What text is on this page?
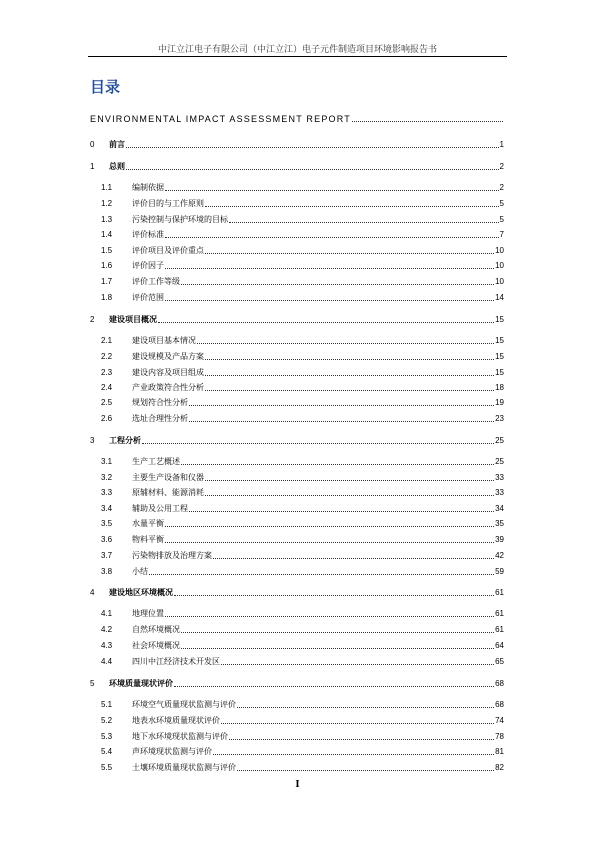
中江立江电子有限公司（中江立江）电子元件制造项目环境影响报告书
目录
ENVIRONMENTAL IMPACT ASSESSMENT REPORT
0	前言	1
1	总则	2
1.1	编制依据	2
1.2	评价目的与工作原则	5
1.3	污染控制与保护环境的目标	5
1.4	评价标准	7
1.5	评价项目及评价重点	10
1.6	评价因子	10
1.7	评价工作等级	10
1.8	评价范围	14
2	建设项目概况	15
2.1	建设项目基本情况	15
2.2	建设规模及产品方案	15
2.3	建设内容及项目组成	15
2.4	产业政策符合性分析	18
2.5	规划符合性分析	19
2.6	选址合理性分析	23
3	工程分析	25
3.1	生产工艺概述	25
3.2	主要生产设备和仪器	33
3.3	原辅材料、能源消耗	33
3.4	辅助及公用工程	34
3.5	水量平衡	35
3.6	物料平衡	39
3.7	污染物排放及治理方案	42
3.8	小结	59
4	建设地区环境概况	61
4.1	地理位置	61
4.2	自然环境概况	61
4.3	社会环境概况	64
4.4	四川中江经济技术开发区	65
5	环境质量现状评价	68
5.1	环境空气质量现状监测与评价	68
5.2	地表水环境质量现状评价	74
5.3	地下水环境现状监测与评价	78
5.4	声环境现状监测与评价	81
5.5	土壤环境质量现状监测与评价	82
I
